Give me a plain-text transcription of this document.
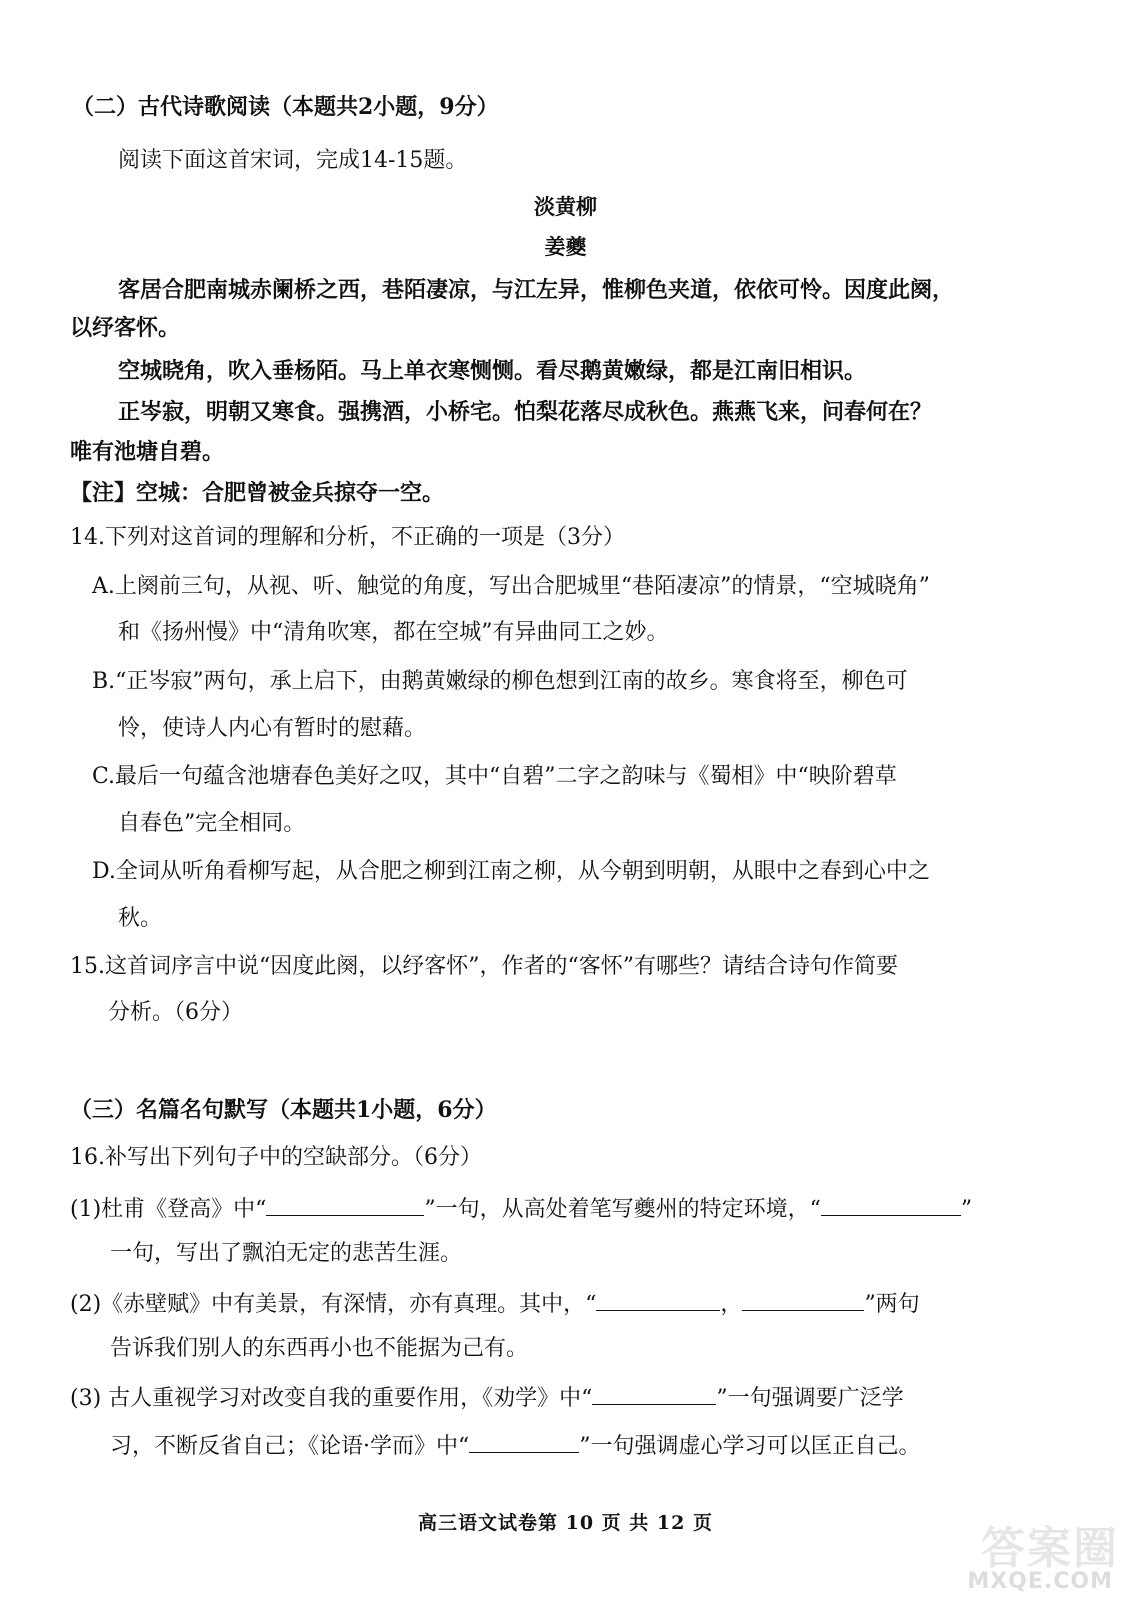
（二）古代诗歌阅读（本题共2小题，9分）
阅读下面这首宋词，完成14-15题。
淡黄柳
姜夔
客居合肥南城赤阑桥之西，巷陌凄凉，与江左异，惟柳色夹道，依依可怜。因度此阕，
以纾客怀。
空城晓角，吹入垂杨陌。马上单衣寒恻恻。看尽鹅黄嫩绿，都是江南旧相识。
正岑寂，明朝又寒食。强携酒，小桥宅。怕梨花落尽成秋色。燕燕飞来，问春何在？
唯有池塘自碧。
【注】空城：合肥曾被金兵掠夺一空。
14.下列对这首词的理解和分析，不正确的一项是（3分）
A.上阕前三句，从视、听、触觉的角度，写出合肥城里“巷陌凄凉”的情景，“空城晓角”
和《扬州慢》中“清角吹寒，都在空城”有异曲同工之妙。
B.“正岑寂”两句，承上启下，由鹅黄嫩绿的柳色想到江南的故乡。寒食将至，柳色可
怜，使诗人内心有暂时的慰藉。
C.最后一句蕴含池塘春色美好之叹，其中“自碧”二字之韵味与《蜀相》中“映阶碧草
自春色”完全相同。
D.全词从听角看柳写起，从合肥之柳到江南之柳，从今朝到明朝，从眼中之春到心中之
秋。
15.这首词序言中说“因度此阕，以纾客怀”，作者的“客怀”有哪些？请结合诗句作简要
分析。（6分）
（三）名篇名句默写（本题共1小题，6分）
16.补写出下列句子中的空缺部分。（6分）
(1)杜甫《登高》中“	”一句，从高处着笔写夔州的特定环境，“	”
一句，写出了飘泊无定的悲苦生涯。
(2)《赤壁赋》中有美景，有深情，亦有真理。其中，“	，	”两句
告诉我们别人的东西再小也不能据为己有。
(3) 古人重视学习对改变自我的重要作用，《劝学》中“	”一句强调要广泛学
习，不断反省自己；《论语·学而》中“	”一句强调虚心学习可以匡正自己。
高三语文试卷第 10 页 共 12 页	答案圈
MXQE.COM
